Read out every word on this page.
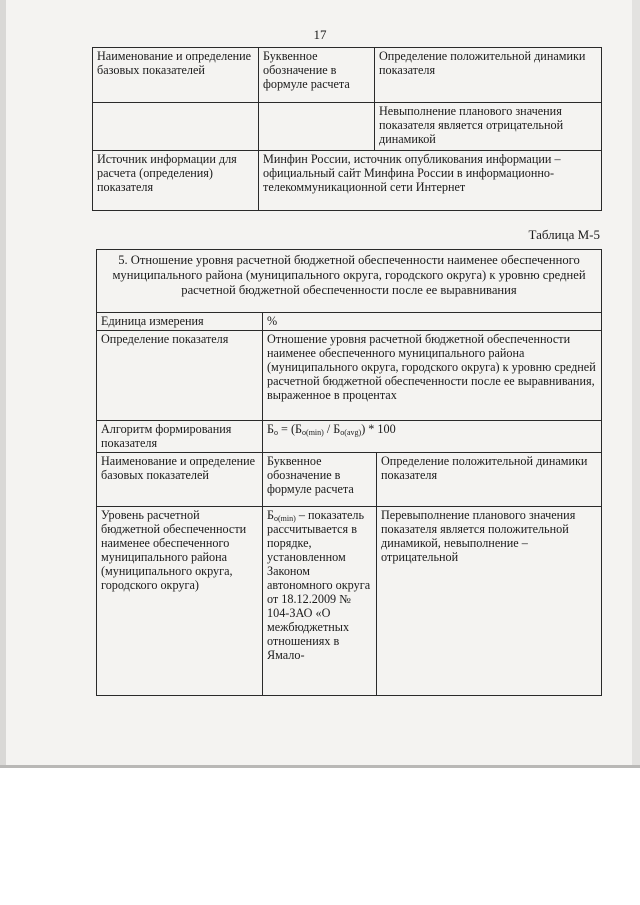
17
Наименование и определение базовых показателей	Буквенное обозначение в формуле расчета	Определение положительной динамики показателя
		Невыполнение планового значения показателя является отрицательной динамикой
Источник информации для расчета (определения) показателя	Минфин России, источник опубликования информации – официальный сайт Минфина России в информационно-телекоммуникационной сети Интернет	
Таблица М-5
5. Отношение уровня расчетной бюджетной обеспеченности наименее обеспеченного муниципального района (муниципального округа, городского округа) к уровню средней расчетной бюджетной обеспеченности после ее выравнивания		
Единица измерения	%	
Определение показателя	Отношение уровня расчетной бюджетной обеспеченности наименее обеспеченного муниципального района (муниципального округа, городского округа) к уровню средней расчетной бюджетной обеспеченности после ее выравнивания, выраженное в процентах	
Алгоритм формирования показателя	$Б_о = (Б_{о(min)} / Б_{о(avg)}) * 100$	
Наименование и определение базовых показателей	Буквенное обозначение в формуле расчета	Определение положительной динамики показателя
Уровень расчетной бюджетной обеспеченности наименее обеспеченного муниципального района (муниципального округа, городского округа)	$Б_{о(min)}$ – показатель рассчитывается в порядке, установленном Законом автономного округа от 18.12.2009 № 104-ЗАО «О межбюджетных отношениях в Ямало-	Перевыполнение планового значения показателя является положительной динамикой, невыполнение – отрицательной
